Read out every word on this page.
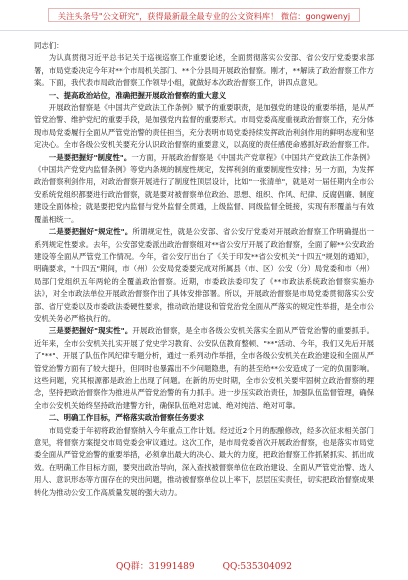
关注头条号"公文研究"，获得最新最全最专业的公文资料库！ 微信：gongwenyj

同志们：

为认真贯彻习近平总书记关于巡视巡察工作重要论述，全面贯彻落实公安部、省公安厅党委要求部署，市局党委决定今年对**个市局机关部门、**个分县局开展政治督察。刚才，**解读了政治督察工作方案。下面，我代表市局政治督察工作领导小组，就做好本次政治督察工作，讲四点意见。

一、提高政治站位，准确把握开展政治督察的重大意义

开展政治督察是《中国共产党政法工作条例》赋予的重要职责，是加强党的建设的重要举措，是从严管党治警、维护党纪的重要手段，是加强党内监督的重要形式。市局党委高度重视政治督察工作，充分体现市局党委履行全面从严管党治警的责任担当，充分表明市局党委持续发挥政治利剑作用的鲜明态度和坚定决心。全市各级公安机关要充分认识政治督察的重要意义，以高度的责任感使命感抓好政治督察工作。

一是要把握好"制度性"。一方面，开展政治督察是《中国共产党章程》《中国共产党政法工作条例》《中国共产党党内监督条例》等党内条规的制度性规定，发挥利剑的重要制度性安排；另一方面，为发挥政治督察利剑作用，对政治督察开展进行了制度性顶层设计，比如"一张清单"，就是对一届任期内全市公安系统党组织都要进行政治督察，就是要对被督察单位政治、思想、组织、作风、纪律、反腐倡廉、制度建设全面体检；就是要把党内监督与党外监督全贯通，上级监督、同级监督全链接，实现有形覆盖与有效覆盖相统一。

二是要把握好"规定性"。所谓规定性，就是公安部、省公安厅党委对开展政治督察工作明确提出一系列规定性要求。去年，公安部党委派出政治督察组对**省公安厅开展了政治督察，全面了解**公安政治建设等全面从严管党工作情况。今年，省公安厅出台了《关于印发**省公安机关"十四五"规划的通知》，明确要求，"十四五"期间，市（州）公安局党委要完成对所属县（市、区）公安（分）局党委和市（州）局部门党组织五年两轮的全覆盖政治督察。近期，市委政法委印发了《**市政法系统政治督察实施办法》，对全市政法单位开展政治督察作出了具体安排部署。所以，开展政治督察是市局党委贯彻落实公安部、省厅党委以及市委政法委硬性要求，推动政治建设和管党治党全面从严落实的规定性举措，是全市公安机关务必严格执行的。

三是要把握好"现实性"。开展政治督察，是全市各级公安机关落实全面从严管党治警的重要抓手。近年来，全市公安机关扎实开展了党史学习教育、公安队伍教育整顿、"**"活动、今年，我们又先后开展了"**"、开展了队伍作风纪律专题分析，通过一系列动作举措，全市各级公安机关在政治建设和全面从严管党治警方面有了较大提升，但同时也暴露出不少问题隐患，有的甚至给**公安造成了一定的负面影响。这些问题，究其根源都是政治上出现了问题。在新的历史时期，全市公安机关要牢固树立政治督察的理念，坚持把政治督察作为推进从严管党治警的有力抓手。进一步压实政治责任，加强队伍监督管理，确保全市公安机关始终坚持政治建警方针，确保队伍绝对忠诚、绝对纯洁、绝对可靠。

二、明确工作目标，严格落实政治督察任务要求

市局党委于年初将政治督察纳入今年重点工作计划。经过近2个月的酝酿修改，经多次征求相关部门意见，将督察方案提交市局党委会审议通过。这次工作，是市局党委首次开展政治督察，也是落实市局党委全面从严管党治警的重要举措，必须拿出最大的决心、最大的力度，把政治督察工作抓紧抓实、抓出成效。在明确工作目标方面，要突出政治导向，深入查找被督察单位在政治建设、全面从严管党治警、选人用人、意识形态等方面存在的突出问题，推动被督察单位以上率下，层层压实责任，切实把政治督察成果转化为推动公安工作高质量发展的强大动力。

QQ群：31991489	QQ:535304092
